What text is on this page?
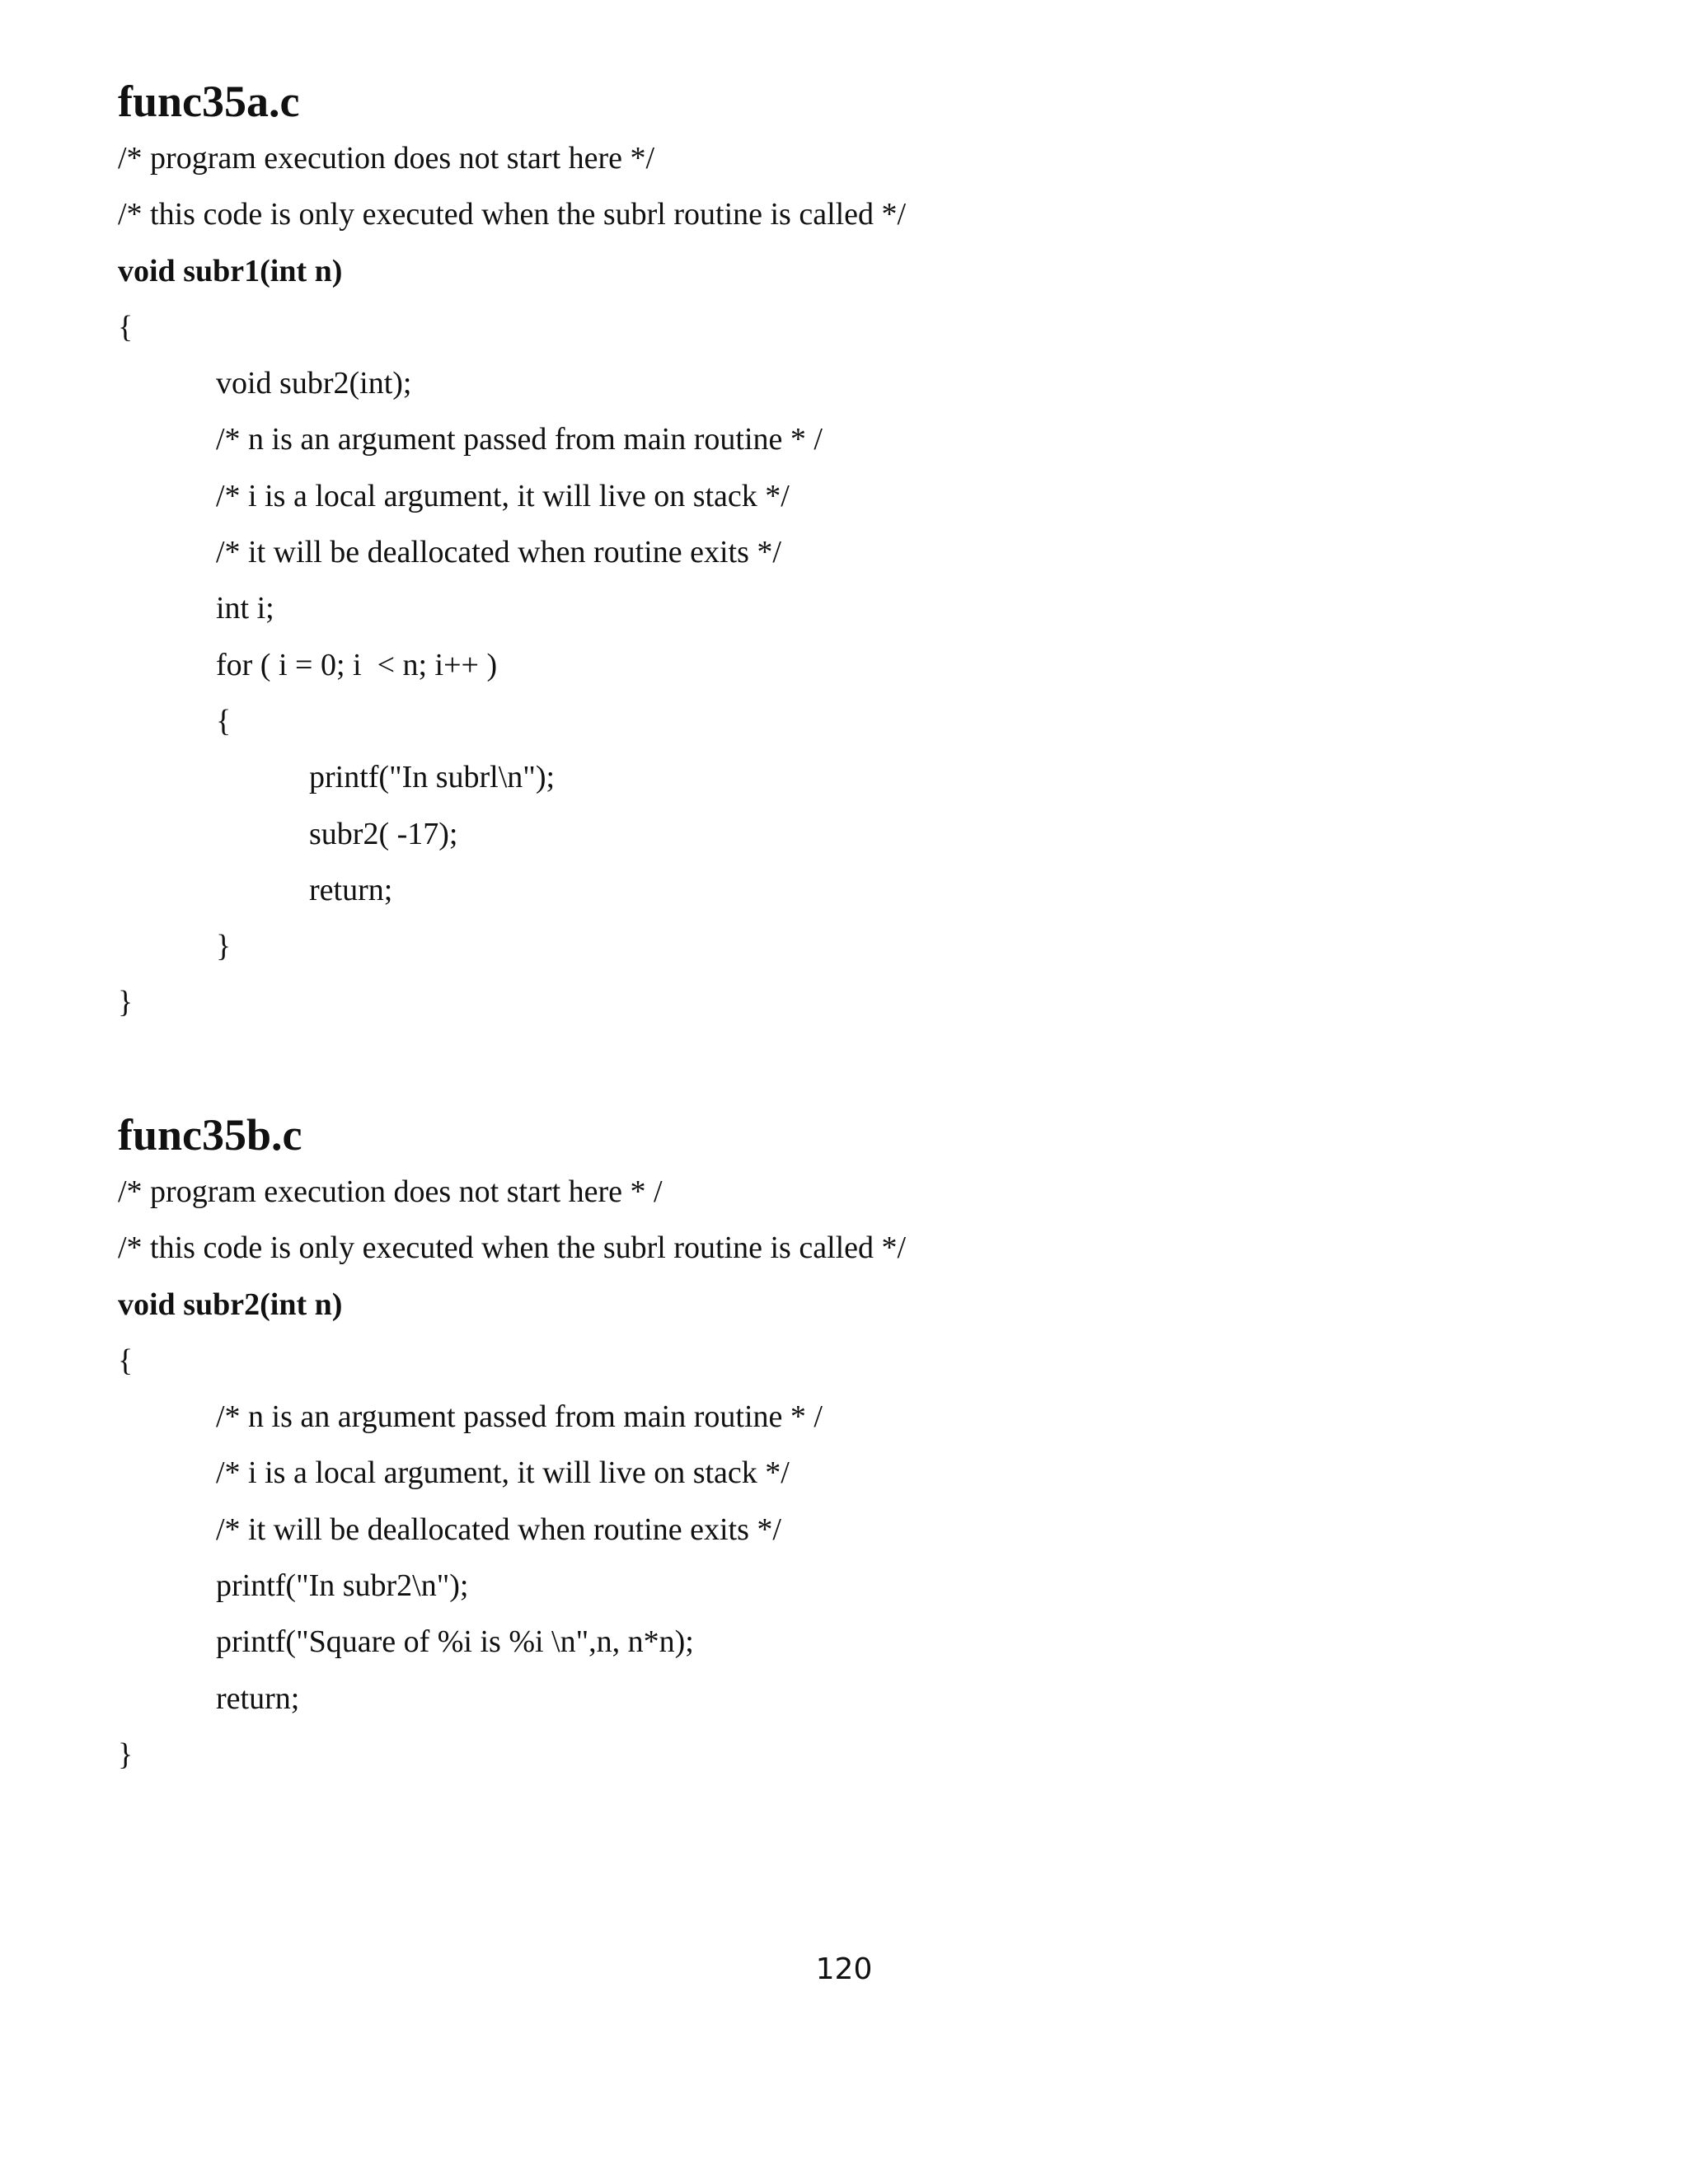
func35a.c
/* program execution does not start here */
/* this code is only executed when the subrl routine is called */
void subr1(int n)
{
void subr2(int);
/* n is an argument passed from main routine * /
/* i is a local argument, it will live on stack */
/* it will be deallocated when routine exits */
int i;
for ( i = 0; i  < n; i++ )
{
printf("In subrl\n");
subr2( -17);
return;
}
}
func35b.c
/* program execution does not start here * /
/* this code is only executed when the subrl routine is called */
void subr2(int n)
{
/* n is an argument passed from main routine * /
/* i is a local argument, it will live on stack */
/* it will be deallocated when routine exits */
printf("In subr2\n");
printf("Square of %i is %i \n",n, n*n);
return;
}
120
